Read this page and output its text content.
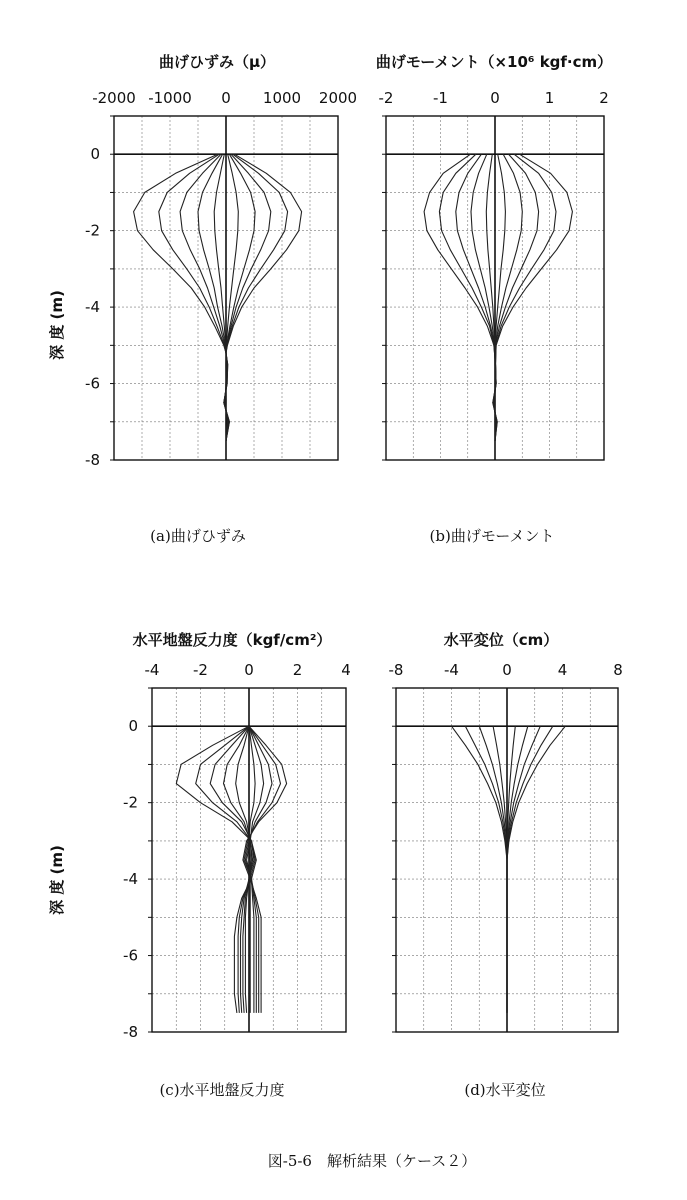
曲げひずみ（μ）
-2000 -1000 0 1000 2000
0
-2
-4
-6
-8
(a)曲げひずみ
曲げモーメント（×10⁶ kgf·cm）
-2	-1	0	1	2
(b)曲げモーメント
水平地盤反力度（kgf/cm²）
-4 -2 0	2	4
0
-2
-4
-6
-8
(c)水平地盤反力度
水平変位（cm）
-8	-4	0	4	8
(d)水平変位
深 度 (m)
深 度 (m)
図-5-6　解析結果（ケース２）
